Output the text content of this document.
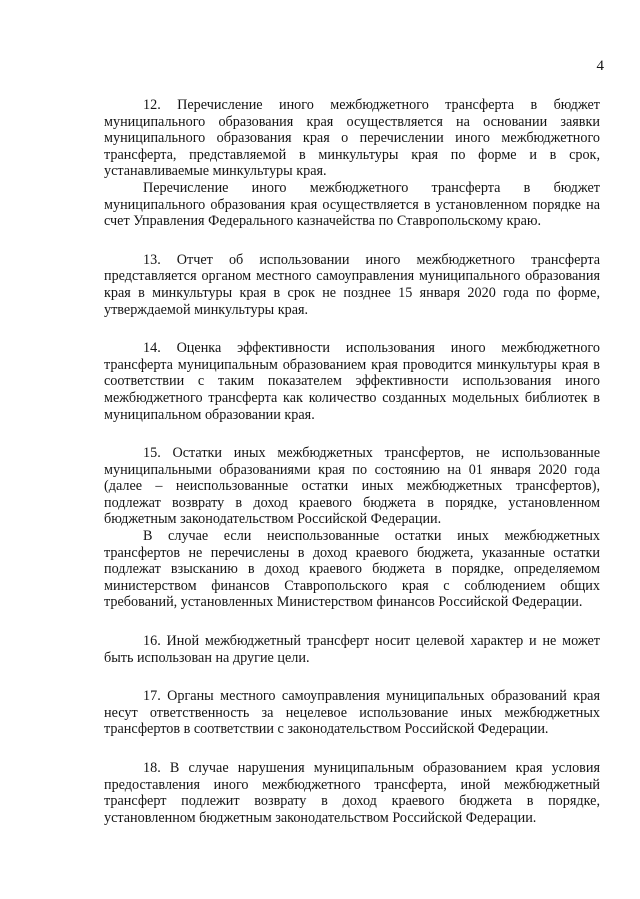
4

12. Перечисление иного межбюджетного трансферта в бюджет муниципального образования края осуществляется на основании заявки муниципального образования края о перечислении иного межбюджетного трансферта, представляемой в минкультуры края по форме и в срок, устанавливаемые минкультуры края.

Перечисление иного межбюджетного трансферта в бюджет муниципального образования края осуществляется в установленном порядке на счет Управления Федерального казначейства по Ставропольскому краю.

13. Отчет об использовании иного межбюджетного трансферта представляется органом местного самоуправления муниципального образования края в минкультуры края в срок не позднее 15 января 2020 года по форме, утверждаемой минкультуры края.

14. Оценка эффективности использования иного межбюджетного трансферта муниципальным образованием края проводится минкультуры края в соответствии с таким показателем эффективности использования иного межбюджетного трансферта как количество созданных модельных библиотек в муниципальном образовании края.

15. Остатки иных межбюджетных трансфертов, не использованные муниципальными образованиями края по состоянию на 01 января 2020 года (далее – неиспользованные остатки иных межбюджетных трансфертов), подлежат возврату в доход краевого бюджета в порядке, установленном бюджетным законодательством Российской Федерации.

В случае если неиспользованные остатки иных межбюджетных трансфертов не перечислены в доход краевого бюджета, указанные остатки подлежат взысканию в доход краевого бюджета в порядке, определяемом министерством финансов Ставропольского края с соблюдением общих требований, установленных Министерством финансов Российской Федерации.

16. Иной межбюджетный трансферт носит целевой характер и не может быть использован на другие цели.

17. Органы местного самоуправления муниципальных образований края несут ответственность за нецелевое использование иных межбюджетных трансфертов в соответствии с законодательством Российской Федерации.

18. В случае нарушения муниципальным образованием края условия предоставления иного межбюджетного трансферта, иной межбюджетный трансферт подлежит возврату в доход краевого бюджета в порядке, установленном бюджетным законодательством Российской Федерации.
